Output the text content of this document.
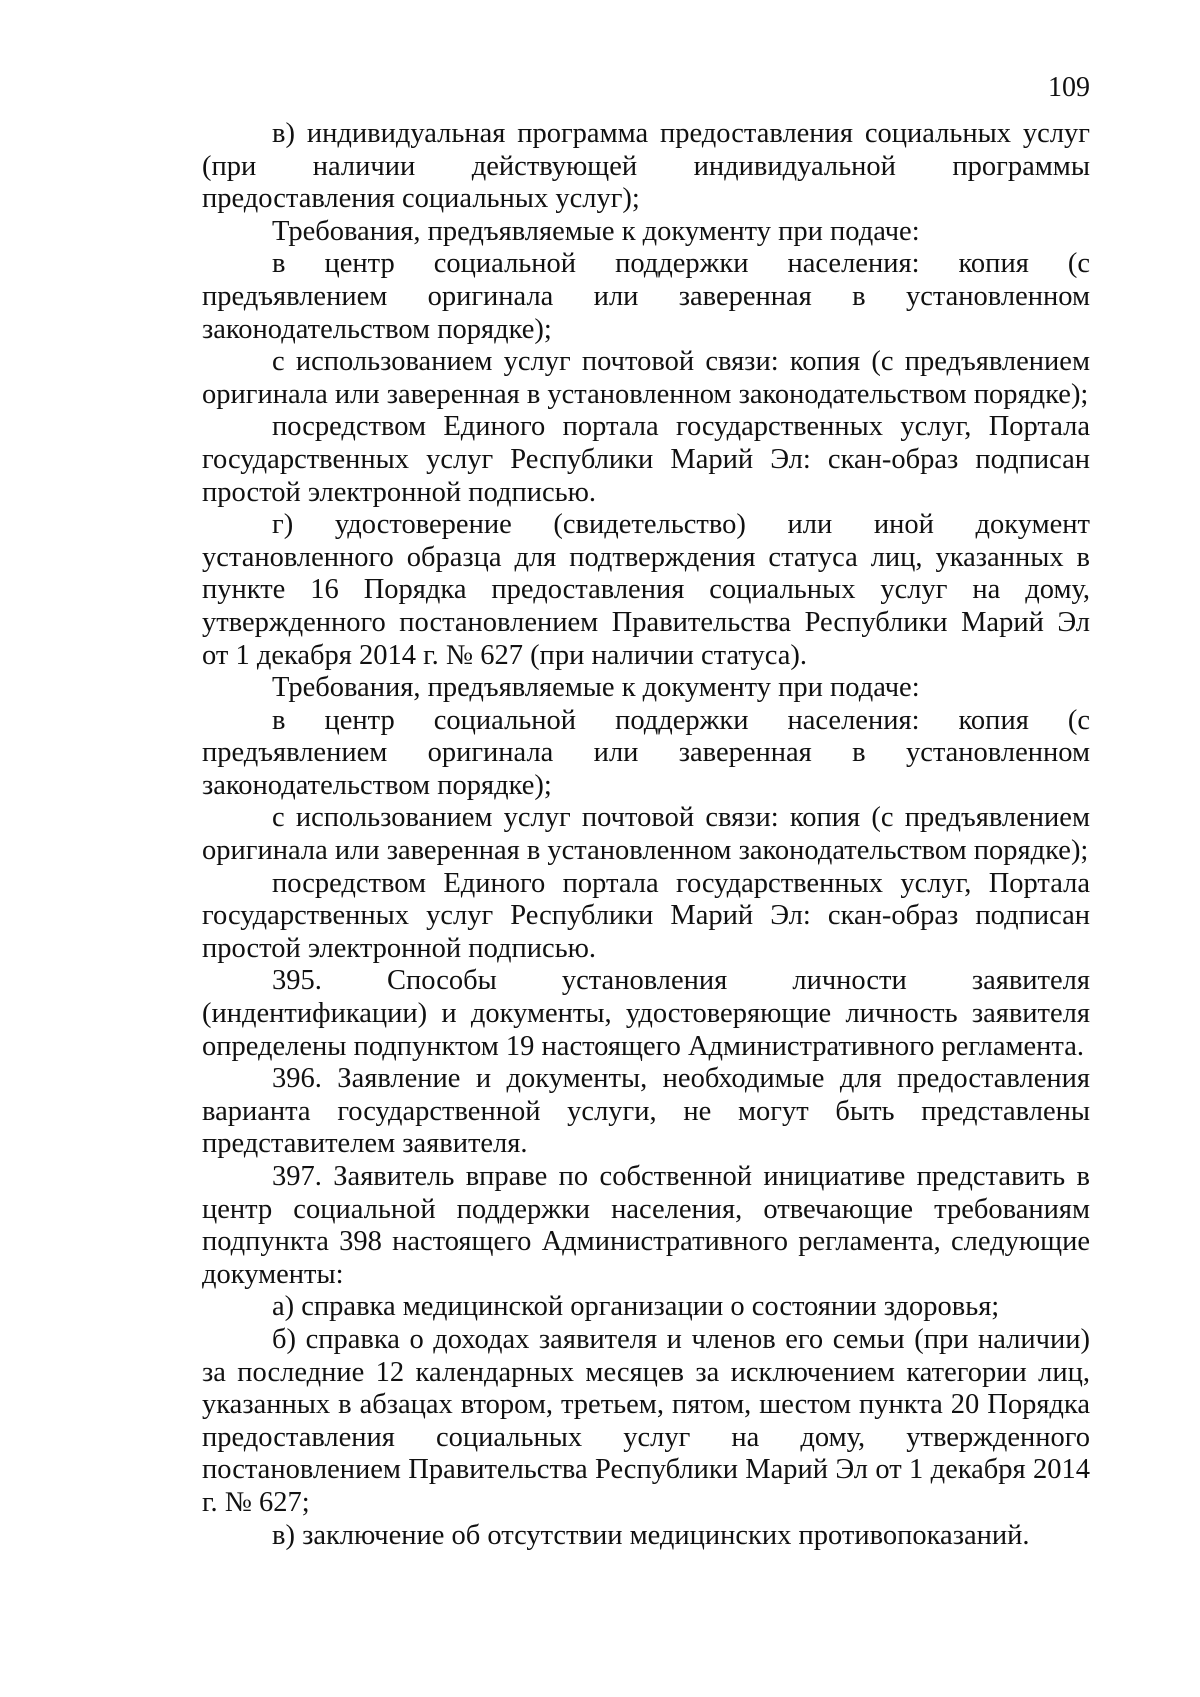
109

в) индивидуальная программа предоставления социальных услуг (при наличии действующей индивидуальной программы предоставления социальных услуг);

Требования, предъявляемые к документу при подаче:

в центр социальной поддержки населения: копия (с предъявлением оригинала или заверенная в установленном законодательством порядке);

с использованием услуг почтовой связи: копия (с предъявлением оригинала или заверенная в установленном законодательством порядке);

посредством Единого портала государственных услуг, Портала государственных услуг Республики Марий Эл: скан-образ подписан простой электронной подписью.

г) удостоверение (свидетельство) или иной документ установленного образца для подтверждения статуса лиц, указанных в пункте 16 Порядка предоставления социальных услуг на дому, утвержденного постановлением Правительства Республики Марий Эл от 1 декабря 2014 г. № 627 (при наличии статуса).

Требования, предъявляемые к документу при подаче:

в центр социальной поддержки населения: копия (с предъявлением оригинала или заверенная в установленном законодательством порядке);

с использованием услуг почтовой связи: копия (с предъявлением оригинала или заверенная в установленном законодательством порядке);

посредством Единого портала государственных услуг, Портала государственных услуг Республики Марий Эл: скан-образ подписан простой электронной подписью.

395. Способы установления личности заявителя (индентификации) и документы, удостоверяющие личность заявителя определены подпунктом 19 настоящего Административного регламента.

396. Заявление и документы, необходимые для предоставления варианта государственной услуги, не могут быть представлены представителем заявителя.

397. Заявитель вправе по собственной инициативе представить в центр социальной поддержки населения, отвечающие требованиям подпункта 398 настоящего Административного регламента, следующие документы:

а) справка медицинской организации о состоянии здоровья;

б) справка о доходах заявителя и членов его семьи (при наличии) за последние 12 календарных месяцев за исключением категории лиц, указанных в абзацах втором, третьем, пятом, шестом пункта 20 Порядка предоставления социальных услуг на дому, утвержденного постановлением Правительства Республики Марий Эл от 1 декабря 2014 г. № 627;

в) заключение об отсутствии медицинских противопоказаний.
